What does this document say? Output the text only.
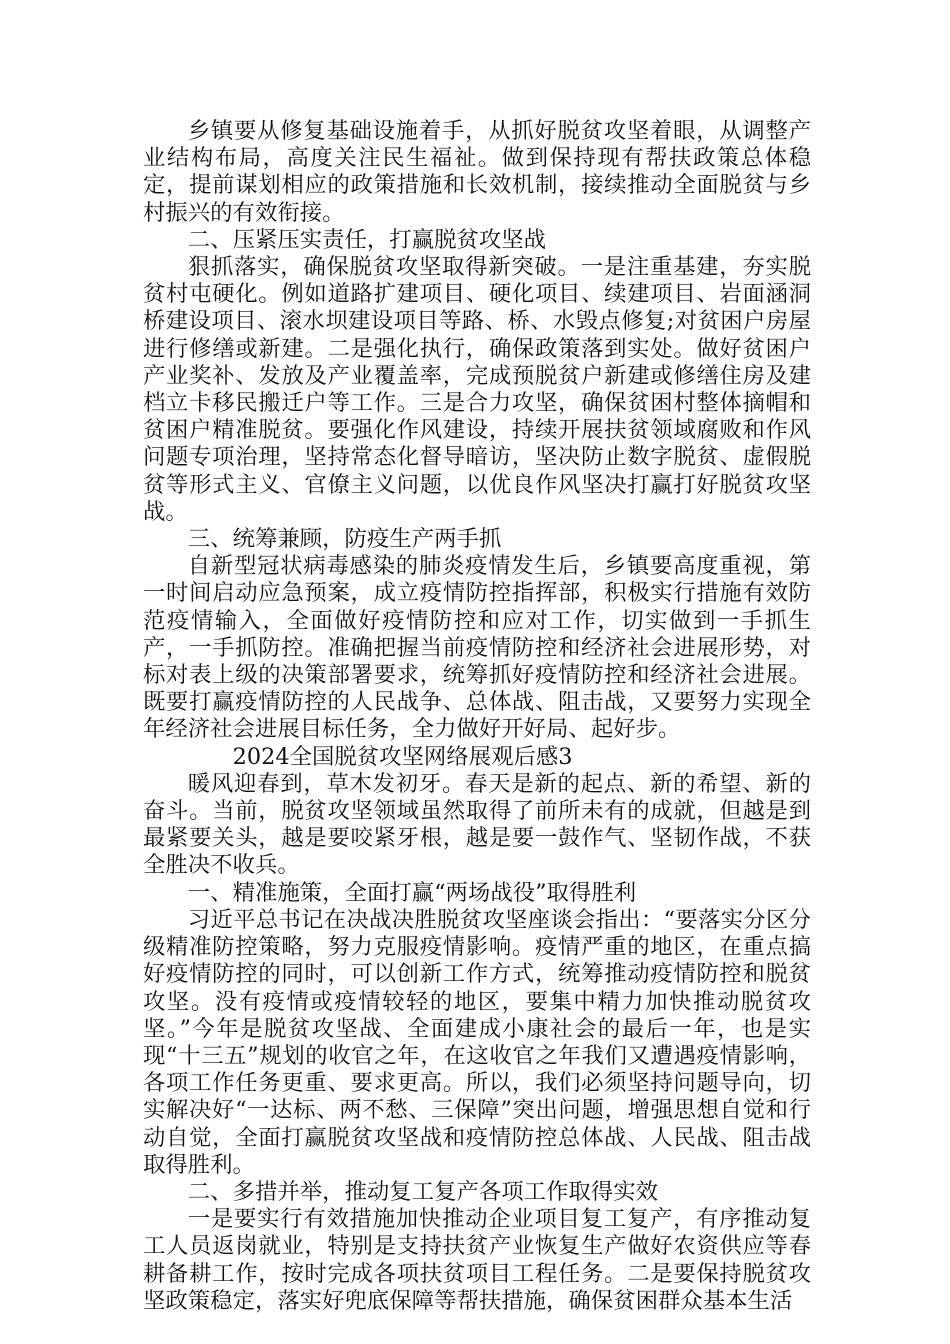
乡镇要从修复基础设施着手，从抓好脱贫攻坚着眼，从调整产业结构布局，高度关注民生福祉。做到保持现有帮扶政策总体稳定，提前谋划相应的政策措施和长效机制，接续推动全面脱贫与乡村振兴的有效衔接。

二、压紧压实责任，打赢脱贫攻坚战

狠抓落实，确保脱贫攻坚取得新突破。一是注重基建，夯实脱贫村屯硬化。例如道路扩建项目、硬化项目、续建项目、岩面涵洞桥建设项目、滚水坝建设项目等路、桥、水毁点修复;对贫困户房屋进行修缮或新建。二是强化执行，确保政策落到实处。做好贫困户产业奖补、发放及产业覆盖率，完成预脱贫户新建或修缮住房及建档立卡移民搬迁户等工作。三是合力攻坚，确保贫困村整体摘帽和贫困户精准脱贫。要强化作风建设，持续开展扶贫领域腐败和作风问题专项治理，坚持常态化督导暗访，坚决防止数字脱贫、虚假脱贫等形式主义、官僚主义问题，以优良作风坚决打赢打好脱贫攻坚战。

三、统筹兼顾，防疫生产两手抓

自新型冠状病毒感染的肺炎疫情发生后，乡镇要高度重视，第一时间启动应急预案，成立疫情防控指挥部，积极实行措施有效防范疫情输入，全面做好疫情防控和应对工作，切实做到一手抓生产，一手抓防控。准确把握当前疫情防控和经济社会进展形势，对标对表上级的决策部署要求，统筹抓好疫情防控和经济社会进展。既要打赢疫情防控的人民战争、总体战、阻击战，又要努力实现全年经济社会进展目标任务，全力做好开好局、起好步。

2024全国脱贫攻坚网络展观后感3

暖风迎春到，草木发初牙。春天是新的起点、新的希望、新的奋斗。当前，脱贫攻坚领域虽然取得了前所未有的成就，但越是到最紧要关头，越是要咬紧牙根，越是要一鼓作气、坚韧作战，不获全胜决不收兵。

一、精准施策，全面打赢“两场战役”取得胜利

习近平总书记在决战决胜脱贫攻坚座谈会指出：“要落实分区分级精准防控策略，努力克服疫情影响。疫情严重的地区，在重点搞好疫情防控的同时，可以创新工作方式，统筹推动疫情防控和脱贫攻坚。没有疫情或疫情较轻的地区，要集中精力加快推动脱贫攻坚。”今年是脱贫攻坚战、全面建成小康社会的最后一年，也是实现“十三五”规划的收官之年，在这收官之年我们又遭遇疫情影响，各项工作任务更重、要求更高。所以，我们必须坚持问题导向，切实解决好“一达标、两不愁、三保障”突出问题，增强思想自觉和行动自觉，全面打赢脱贫攻坚战和疫情防控总体战、人民战、阻击战取得胜利。

二、多措并举，推动复工复产各项工作取得实效

一是要实行有效措施加快推动企业项目复工复产，有序推动复工人员返岗就业，特别是支持扶贫产业恢复生产做好农资供应等春耕备耕工作，按时完成各项扶贫项目工程任务。二是要保持脱贫攻坚政策稳定，落实好兜底保障等帮扶措施，确保贫困群众基本生活
